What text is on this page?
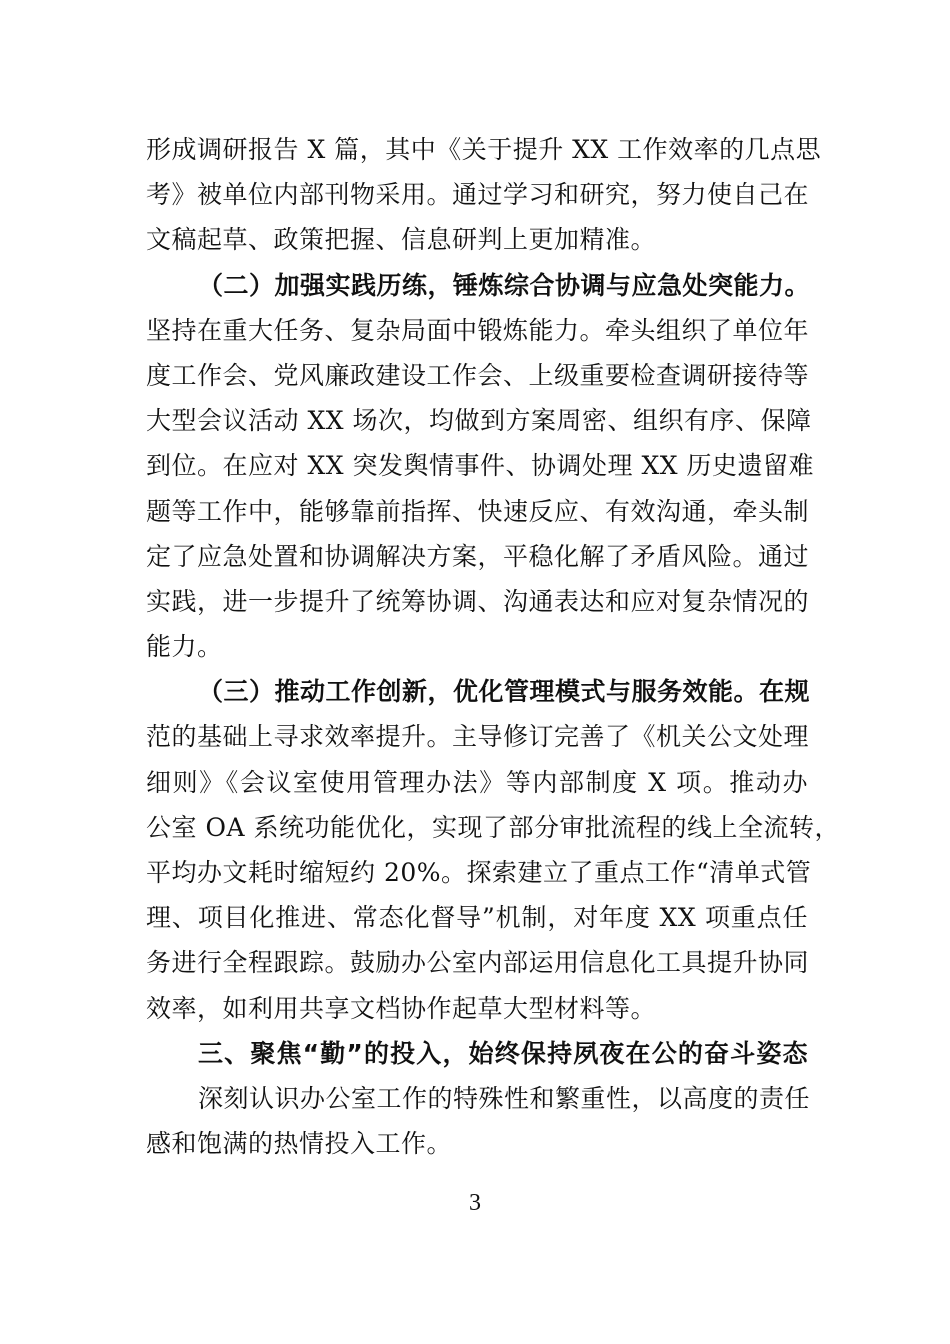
形成调研报告 X 篇，其中《关于提升 XX 工作效率的几点思
考》被单位内部刊物采用。通过学习和研究，努力使自己在
文稿起草、政策把握、信息研判上更加精准。
（二）加强实践历练，锤炼综合协调与应急处突能力。
坚持在重大任务、复杂局面中锻炼能力。牵头组织了单位年
度工作会、党风廉政建设工作会、上级重要检查调研接待等
大型会议活动 XX 场次，均做到方案周密、组织有序、保障
到位。在应对 XX 突发舆情事件、协调处理 XX 历史遗留难
题等工作中，能够靠前指挥、快速反应、有效沟通，牵头制
定了应急处置和协调解决方案，平稳化解了矛盾风险。通过
实践，进一步提升了统筹协调、沟通表达和应对复杂情况的
能力。
（三）推动工作创新，优化管理模式与服务效能。在规
范的基础上寻求效率提升。主导修订完善了《机关公文处理
细则》《会议室使用管理办法》等内部制度 X 项。推动办
公室 OA 系统功能优化，实现了部分审批流程的线上全流转，
平均办文耗时缩短约 20%。探索建立了重点工作“清单式管
理、项目化推进、常态化督导”机制，对年度 XX 项重点任
务进行全程跟踪。鼓励办公室内部运用信息化工具提升协同
效率，如利用共享文档协作起草大型材料等。
三、聚焦“勤”的投入，始终保持夙夜在公的奋斗姿态
深刻认识办公室工作的特殊性和繁重性，以高度的责任
感和饱满的热情投入工作。
3
